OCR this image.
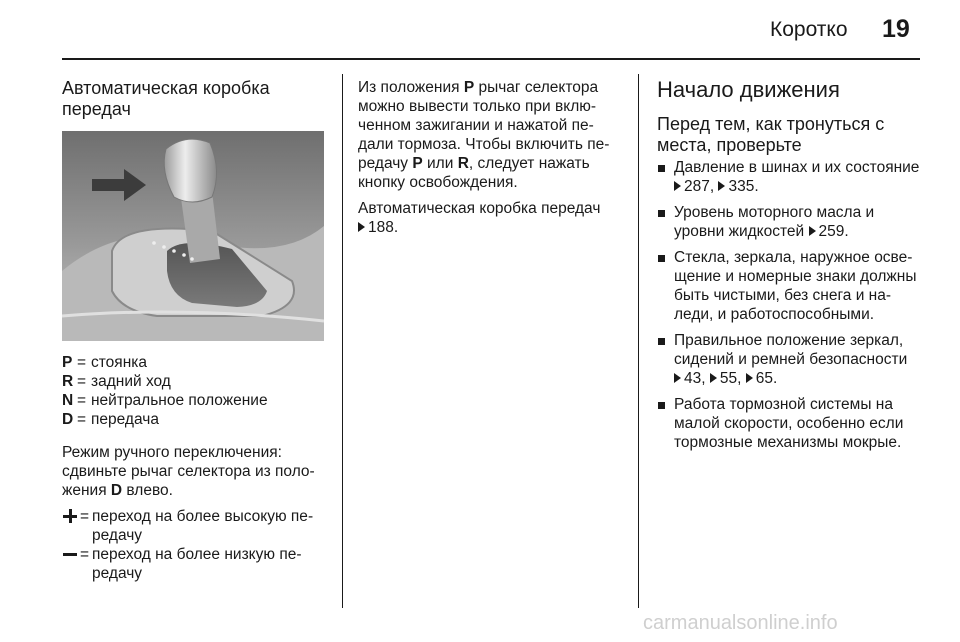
Коротко 19
Автоматическая коробка передач
P = стоянка
R = задний ход
N = нейтральное положение
D = передача

Режим ручного переключения: сдвиньте рычаг селектора из положения D влево.

= переход на более высокую передачу
= переход на более низкую передачу

Из положения P рычаг селектора можно вывести только при включенном зажигании и нажатой педали тормоза. Чтобы включить передачу P или R, следует нажать кнопку освобождения.

Автоматическая коробка передач
188.

Начало движения
Перед тем, как тронуться с места, проверьте
Давление в шинах и их состояние
287, 335.
Уровень моторного масла и уровни жидкостей 259.
Стекла, зеркала, наружное освещение и номерные знаки должны быть чистыми, без снега и наледи, и работоспособными.
Правильное положение зеркал, сидений и ремней безопасности
43, 55, 65.
Работа тормозной системы на малой скорости, особенно если тормозные механизмы мокрые.
carmanualsonline.info
